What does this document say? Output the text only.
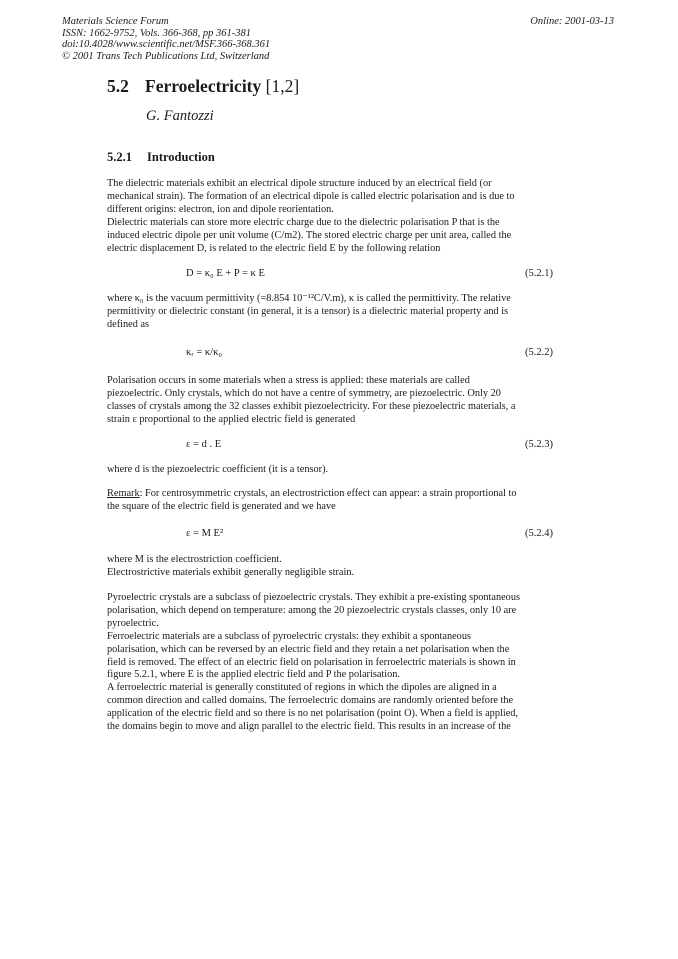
Materials Science Forum
ISSN: 1662-9752, Vols. 366-368, pp 361-381
doi:10.4028/www.scientific.net/MSF.366-368.361
© 2001 Trans Tech Publications Ltd, Switzerland
Online: 2001-03-13
5.2 Ferroelectricity [1,2]
G. Fantozzi
5.2.1 Introduction

The dielectric materials exhibit an electrical dipole structure induced by an electrical field (or

mechanical strain). The formation of an electrical dipole is called electric polarisation and is due to

different origins: electron, ion and dipole reorientation.

Dielectric materials can store more electric charge due to the dielectric polarisation P that is the

induced electric dipole per unit volume (C/m2). The stored electric charge per unit area, called the

electric displacement D, is related to the electric field E by the following relation

D = κ₀ E + P = κ E	(5.2.1)

where κ₀ is the vacuum permittivity (=8.854 10⁻¹²C/V.m), κ is called the permittivity. The relative

permittivity or dielectric constant (in general, it is a tensor) is a dielectric material property and is

defined as

κᵣ = κ/κ₀	(5.2.2)

Polarisation occurs in some materials when a stress is applied: these materials are called

piezoelectric. Only crystals, which do not have a centre of symmetry, are piezoelectric. Only 20

classes of crystals among the 32 classes exhibit piezoelectricity. For these piezoelectric materials, a

strain ε proportional to the applied electric field is generated

ε = d . E	(5.2.3)

where d is the piezoelectric coefficient (it is a tensor).

Remark: For centrosymmetric crystals, an electrostriction effect can appear: a strain proportional to

the square of the electric field is generated and we have

ε = M E²	(5.2.4)

where M is the electrostriction coefficient.

Electrostrictive materials exhibit generally negligible strain.

Pyroelectric crystals are a subclass of piezoelectric crystals. They exhibit a pre-existing spontaneous

polarisation, which depend on temperature: among the 20 piezoelectric crystals classes, only 10 are

pyroelectric.

Ferroelectric materials are a subclass of pyroelectric crystals: they exhibit a spontaneous

polarisation, which can be reversed by an electric field and they retain a net polarisation when the

field is removed. The effect of an electric field on polarisation in ferroelectric materials is shown in

figure 5.2.1, where E is the applied electric field and P the polarisation.

A ferroelectric material is generally constituted of regions in which the dipoles are aligned in a

common direction and called domains. The ferroelectric domains are randomly oriented before the

application of the electric field and so there is no net polarisation (point O). When a field is applied,

the domains begin to move and align parallel to the electric field. This results in an increase of the
